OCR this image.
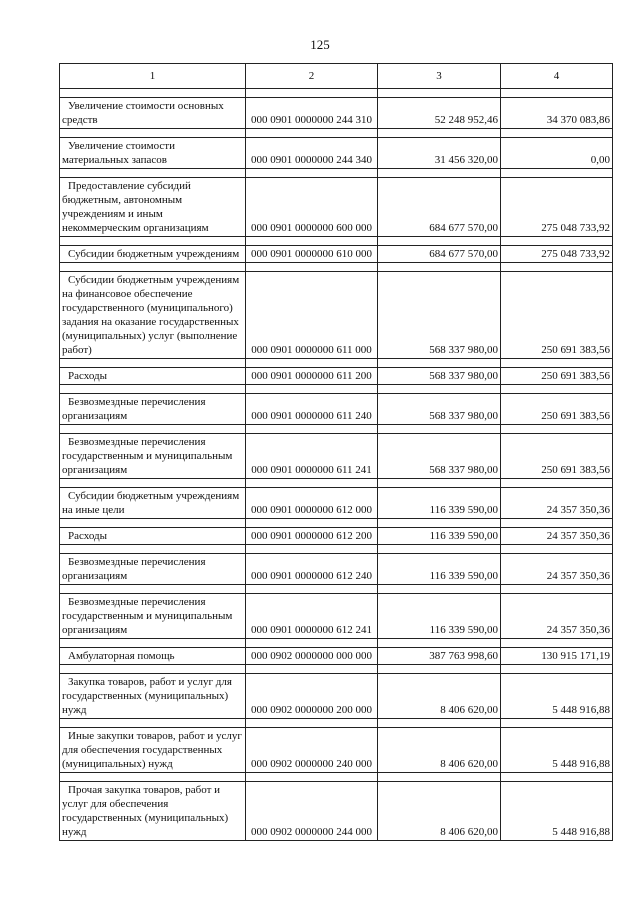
125
1	2	3	4

Увеличение стоимости основных средств	000 0901 0000000 244 310	52 248 952,46	34 370 083,86

Увеличение стоимости материальных запасов	000 0901 0000000 244 340	31 456 320,00	0,00

Предоставление субсидий бюджетным, автономным учреждениям и иным некоммерческим организациям	000 0901 0000000 600 000	684 677 570,00	275 048 733,92

Субсидии бюджетным учреждениям	000 0901 0000000 610 000	684 677 570,00	275 048 733,92

Субсидии бюджетным учреждениям на финансовое обеспечение государственного (муниципального) задания на оказание государственных (муниципальных) услуг (выполнение работ)	000 0901 0000000 611 000	568 337 980,00	250 691 383,56

Расходы	000 0901 0000000 611 200	568 337 980,00	250 691 383,56

Безвозмездные перечисления организациям	000 0901 0000000 611 240	568 337 980,00	250 691 383,56

Безвозмездные перечисления государственным и муниципальным организациям	000 0901 0000000 611 241	568 337 980,00	250 691 383,56

Субсидии бюджетным учреждениям на иные цели	000 0901 0000000 612 000	116 339 590,00	24 357 350,36

Расходы	000 0901 0000000 612 200	116 339 590,00	24 357 350,36

Безвозмездные перечисления организациям	000 0901 0000000 612 240	116 339 590,00	24 357 350,36

Безвозмездные перечисления государственным и муниципальным организациям	000 0901 0000000 612 241	116 339 590,00	24 357 350,36

Амбулаторная помощь	000 0902 0000000 000 000	387 763 998,60	130 915 171,19

Закупка товаров, работ и услуг для государственных (муниципальных) нужд	000 0902 0000000 200 000	8 406 620,00	5 448 916,88

Иные закупки товаров, работ и услуг для обеспечения государственных (муниципальных) нужд	000 0902 0000000 240 000	8 406 620,00	5 448 916,88

Прочая закупка товаров, работ и услуг для обеспечения государственных (муниципальных) нужд	000 0902 0000000 244 000	8 406 620,00	5 448 916,88
